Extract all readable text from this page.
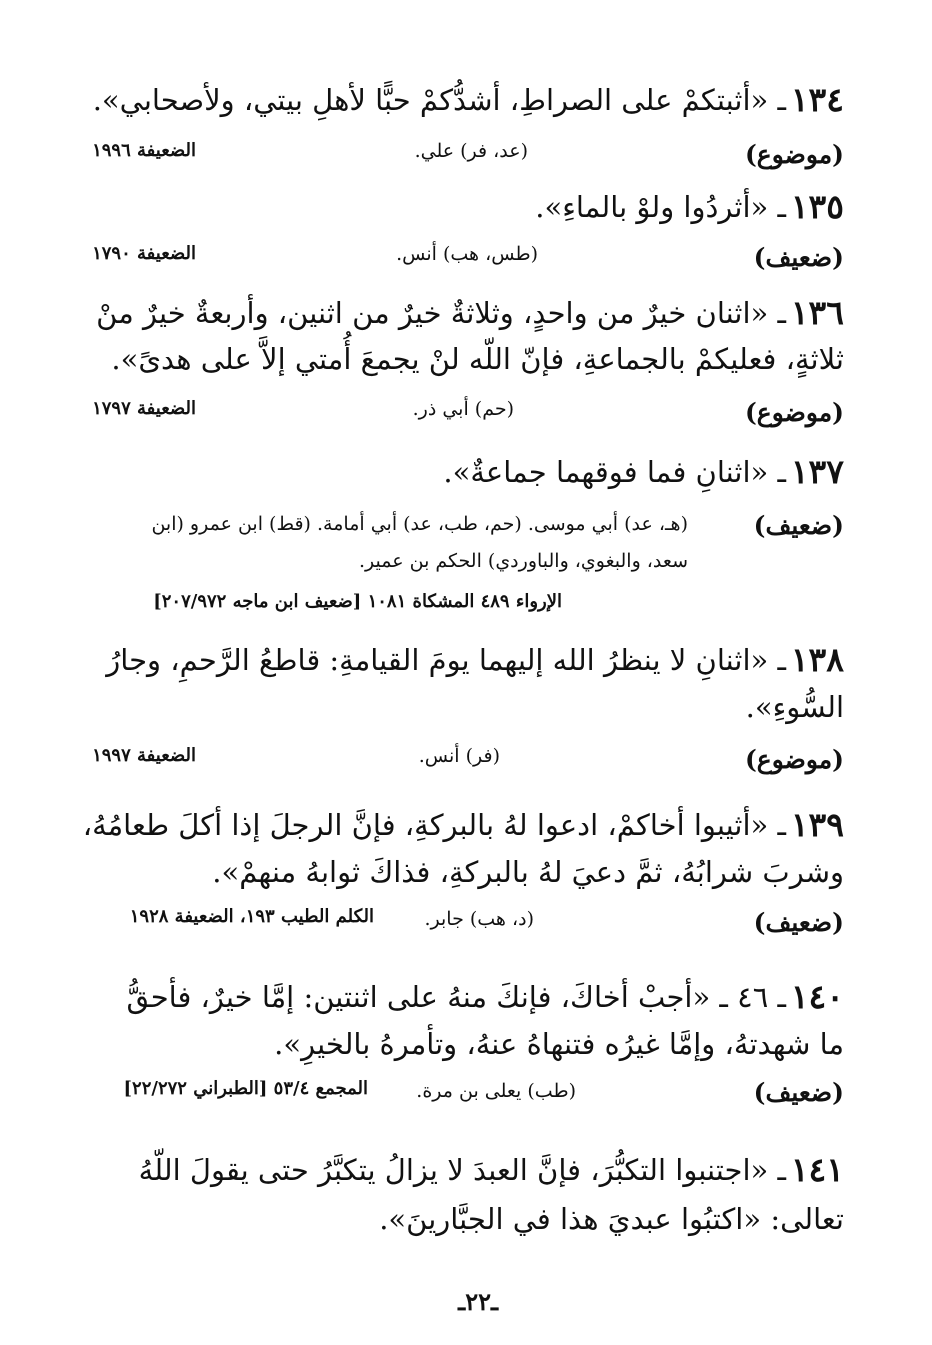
١٣٤
ـ «أثبتكمْ على الصراطِ، أشدُّكمْ حبًّا لأهلِ بيتي، ولأصحابي».
(موضوع)
(عد، فر) علي.
الضعيفة ١٩٩٦
١٣٥
ـ «أثردُوا ولوْ بالماءِ».
(ضعيف)
(طس، هب) أنس.
الضعيفة ١٧٩٠
١٣٦
ـ «اثنان خيرٌ من واحدٍ، وثلاثةٌ خيرٌ من اثنين، وأربعةٌ خيرٌ منْ
ثلاثةٍ، فعليكمْ بالجماعةِ، فإنّ اللّه لنْ يجمعَ أُمتي إلاَّ على هدىً».
(موضوع)
(حم) أبي ذر.
الضعيفة ١٧٩٧
١٣٧
ـ «اثنانِ فما فوقهما جماعةٌ».
(ضعيف)
(هـ، عد) أبي موسى. (حم، طب، عد) أبي أمامة. (قط) ابن عمرو (ابن
سعد، والبغوي، والباوردي) الحكم بن عمير.
الإرواء ٤٨٩ المشكاة ١٠٨١ [ضعيف ابن ماجه ٢٠٧/٩٧٢]
١٣٨
ـ «اثنانِ لا ينظرُ الله إليهما يومَ القيامةِ: قاطعُ الرَّحمِ، وجارُ
السُّوءِ».
(موضوع)
(فر) أنس.
الضعيفة ١٩٩٧
١٣٩
ـ «أثيبوا أخاكمْ، ادعوا لهُ بالبركةِ، فإنَّ الرجلَ إذا أكلَ طعامُهُ،
وشربَ شرابُهُ، ثمَّ دعيَ لهُ بالبركةِ، فذاكَ ثوابهُ منهمْ».
(ضعيف)
(د، هب) جابر.
الكلم الطيب ١٩٣، الضعيفة ١٩٢٨
١٤٠
ـ ٤٦ ـ «أجبْ أخاكَ، فإنكَ منهُ على اثنتين: إمَّا خيرٌ، فأحقُّ
ما شهدتهُ، وإمَّا غيرُه فتنهاهُ عنهُ، وتأمرهُ بالخيرِ».
(ضعيف)
(طب) يعلى بن مرة.
المجمع ٥٣/٤ [الطبراني ٢٢/٢٧٢]
١٤١
ـ «اجتنبوا التكبُّرَ، فإنَّ العبدَ لا يزالُ يتكبَّرُ حتى يقولَ اللّهُ
تعالى: «اكتبُوا عبديَ هذا في الجبَّارينَ».
ـ٢٢ـ
